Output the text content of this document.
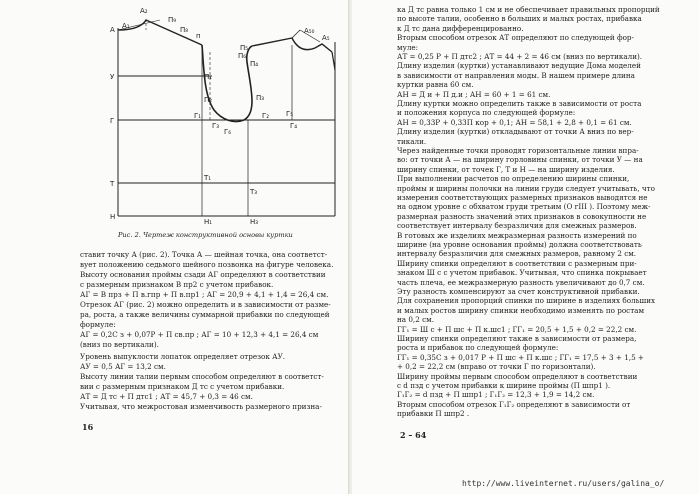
A A₁
A₂
П₉
П₈
п
У
Г
Т
Н
П₁
П₂	П₃
П₄
П₅
П₆
Г₁	Г₂
Г₃	Г₄
Г₅
Г₆
Т₁
Т₃
Н₁	Н₃
A₅₀
A₅
Рис. 2. Чертеж конструктивной основы куртки
ставит точку А (рис. 2). Точка А — шейная точка, она соответст-
вует положению седьмого шейного позвонка на фигуре человека.
Высоту основания проймы сзади АГ определяют в соответствии
с размерным признаком В пр2 с учетом прибавок.
АГ = В прз + П в.гпр + П в.пр1 ; АГ = 20,9 + 4,1 + 1,4 = 26,4 см.
Отрезок АГ (рис. 2) можно определить и в зависимости от разме-
ра, роста, а также величины суммарной прибавки по следующей
формуле:
АГ = 0,2С з + 0,07Р + П св.пр ; АГ = 10 + 12,3 + 4,1 = 26,4 см
(вниз по вертикали).
Уровень выпуклости лопаток определяет отрезок АУ.
АУ = 0,5 АГ = 13,2 см.
Высоту линии талии первым способом определяют в соответст-
вии с размерным признаком Д тс с учетом прибавки.
АТ = Д тс + П дтс1 ; АТ = 45,7 + 0,3 = 46 см.
Учитывая, что межростовая изменчивость размерного призна-
16
ка Д тс равна только 1 см и не обеспечивает правильных пропорций
по высоте талии, особенно в больших и малых ростах, прибавка
к Д тс дана дифференцированно.
Вторым способом отрезок АТ определяют по следующей фор-
муле:
АТ = 0,25 Р + П дтс2 ; АТ = 44 + 2 = 46 см (вниз по вертикали).
Длину изделия (куртки) устанавливают ведущие Дома моделей
в зависимости от направления моды. В нашем примере длина
куртки равна 60 см.
АН = Д и + П д.и ; АН = 60 + 1 = 61 см.
Длину куртки можно определить также в зависимости от роста
и положения корпуса по следующей формуле:
АН = 0,33Р + 0,33П кор + 0,1; АН = 58,1 + 2,8 + 0,1 = 61 см.
Длину изделия (куртки) откладывают от точки А вниз по вер-
тикали.
Через найденные точки проводят горизонтальные линии впра-
во: от точки А — на ширину горловины спинки, от точки У — на
ширину спинки, от точек Г, Т и Н — на ширину изделия.
При выполнении расчетов по определению ширины спинки,
проймы и ширины полочки на линии груди следует учитывать, что
измерения соответствующих размерных признаков выводятся не
на одном уровне с обхватом груди третьим (О гIII ). Поэтому меж-
размерная разность значений этих признаков в совокупности не
соответствует интервалу безразличия для смежных размеров.
В готовых же изделиях межразмерная разность измерений по
ширине (на уровне основания проймы) должна соответствовать
интервалу безразличия для смежных размеров, равному 2 см.
Ширину спинки определяют в соответствии с размерным при-
знаком Ш с с учетом прибавок. Учитывая, что спинка покрывает
часть плеча, ее межразмерную разность увеличивают до 0,7 см.
Эту разность компенсируют за счет конструктивной прибавки.
Для сохранения пропорций спинки по ширине в изделиях больших
и малых ростов ширину спинки необходимо изменять по ростам
на 0,2 см.
ГГ₁ = Ш с + П шс + П к.шс1 ; ГГ₁ = 20,5 + 1,5 + 0,2 = 22,2 см.
Ширину спинки определяют также в зависимости от размера,
роста и прибавок по следующей формуле:
ГГ₁ = 0,35С з + 0,017 Р + П шс + П к.шс ; ГГ₁ = 17,5 + 3 + 1,5 +
+ 0,2 = 22,2 см (вправо от точки Г по горизонтали).
Ширину проймы первым способом определяют в соответствии
с d пзд с учетом прибавки к ширине проймы (П шпр1 ).
Г₁Г₂ = d пзд + П шпр1 ; Г₁Г₂ = 12,3 + 1,9 = 14,2 см.
Вторым способом отрезок Г₁Г₂ определяют в зависимости от
прибавки П шпр2 .
2 – 64
http://www.liveinternet.ru/users/galina_o/
